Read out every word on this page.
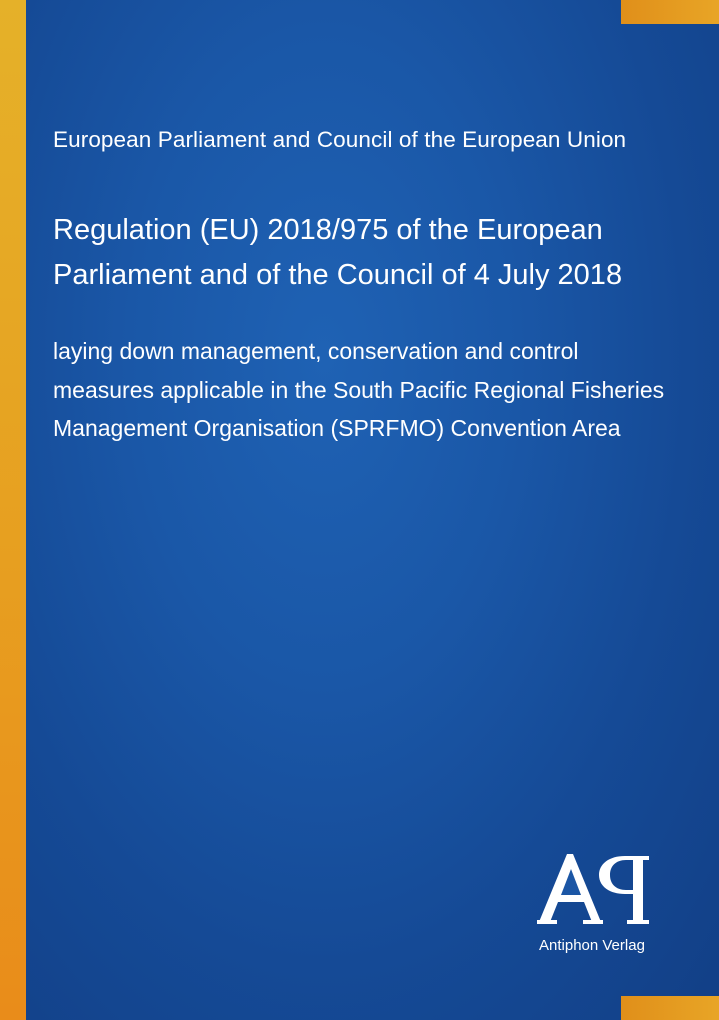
European Parliament and Council of the European Union
Regulation (EU) 2018/975 of the European Parliament and of the Council of 4 July 2018

laying down management, conservation and control measures applicable in the South Pacific Regional Fisheries Management Organisation (SPRFMO) Convention Area

Antiphon Verlag
